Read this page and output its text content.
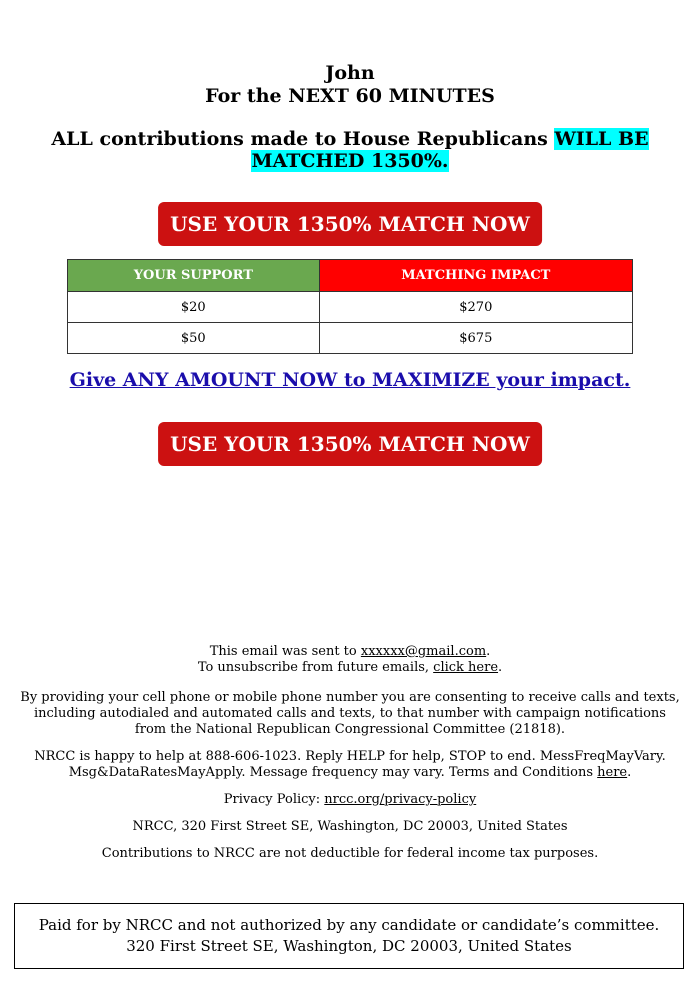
John
For the NEXT 60 MINUTES
ALL contributions made to House Republicans WILL BE MATCHED 1350%.
USE YOUR 1350% MATCH NOW
YOUR SUPPORT	MATCHING IMPACT
$20	$270
$50	$675
Give ANY AMOUNT NOW to MAXIMIZE your impact.
USE YOUR 1350% MATCH NOW

This email was sent to xxxxxx@gmail.com.
To unsubscribe from future emails, click here.

By providing your cell phone or mobile phone number you are consenting to receive calls and texts, including autodialed and automated calls and texts, to that number with campaign notifications from the National Republican Congressional Committee (21818).

NRCC is happy to help at 888-606-1023. Reply HELP for help, STOP to end. MessFreqMayVary. Msg&DataRatesMayApply. Message frequency may vary. Terms and Conditions here.

Privacy Policy: nrcc.org/privacy-policy

NRCC, 320 First Street SE, Washington, DC 20003, United States

Contributions to NRCC are not deductible for federal income tax purposes.

Paid for by NRCC and not authorized by any candidate or candidate’s committee. 320 First Street SE, Washington, DC 20003, United States
